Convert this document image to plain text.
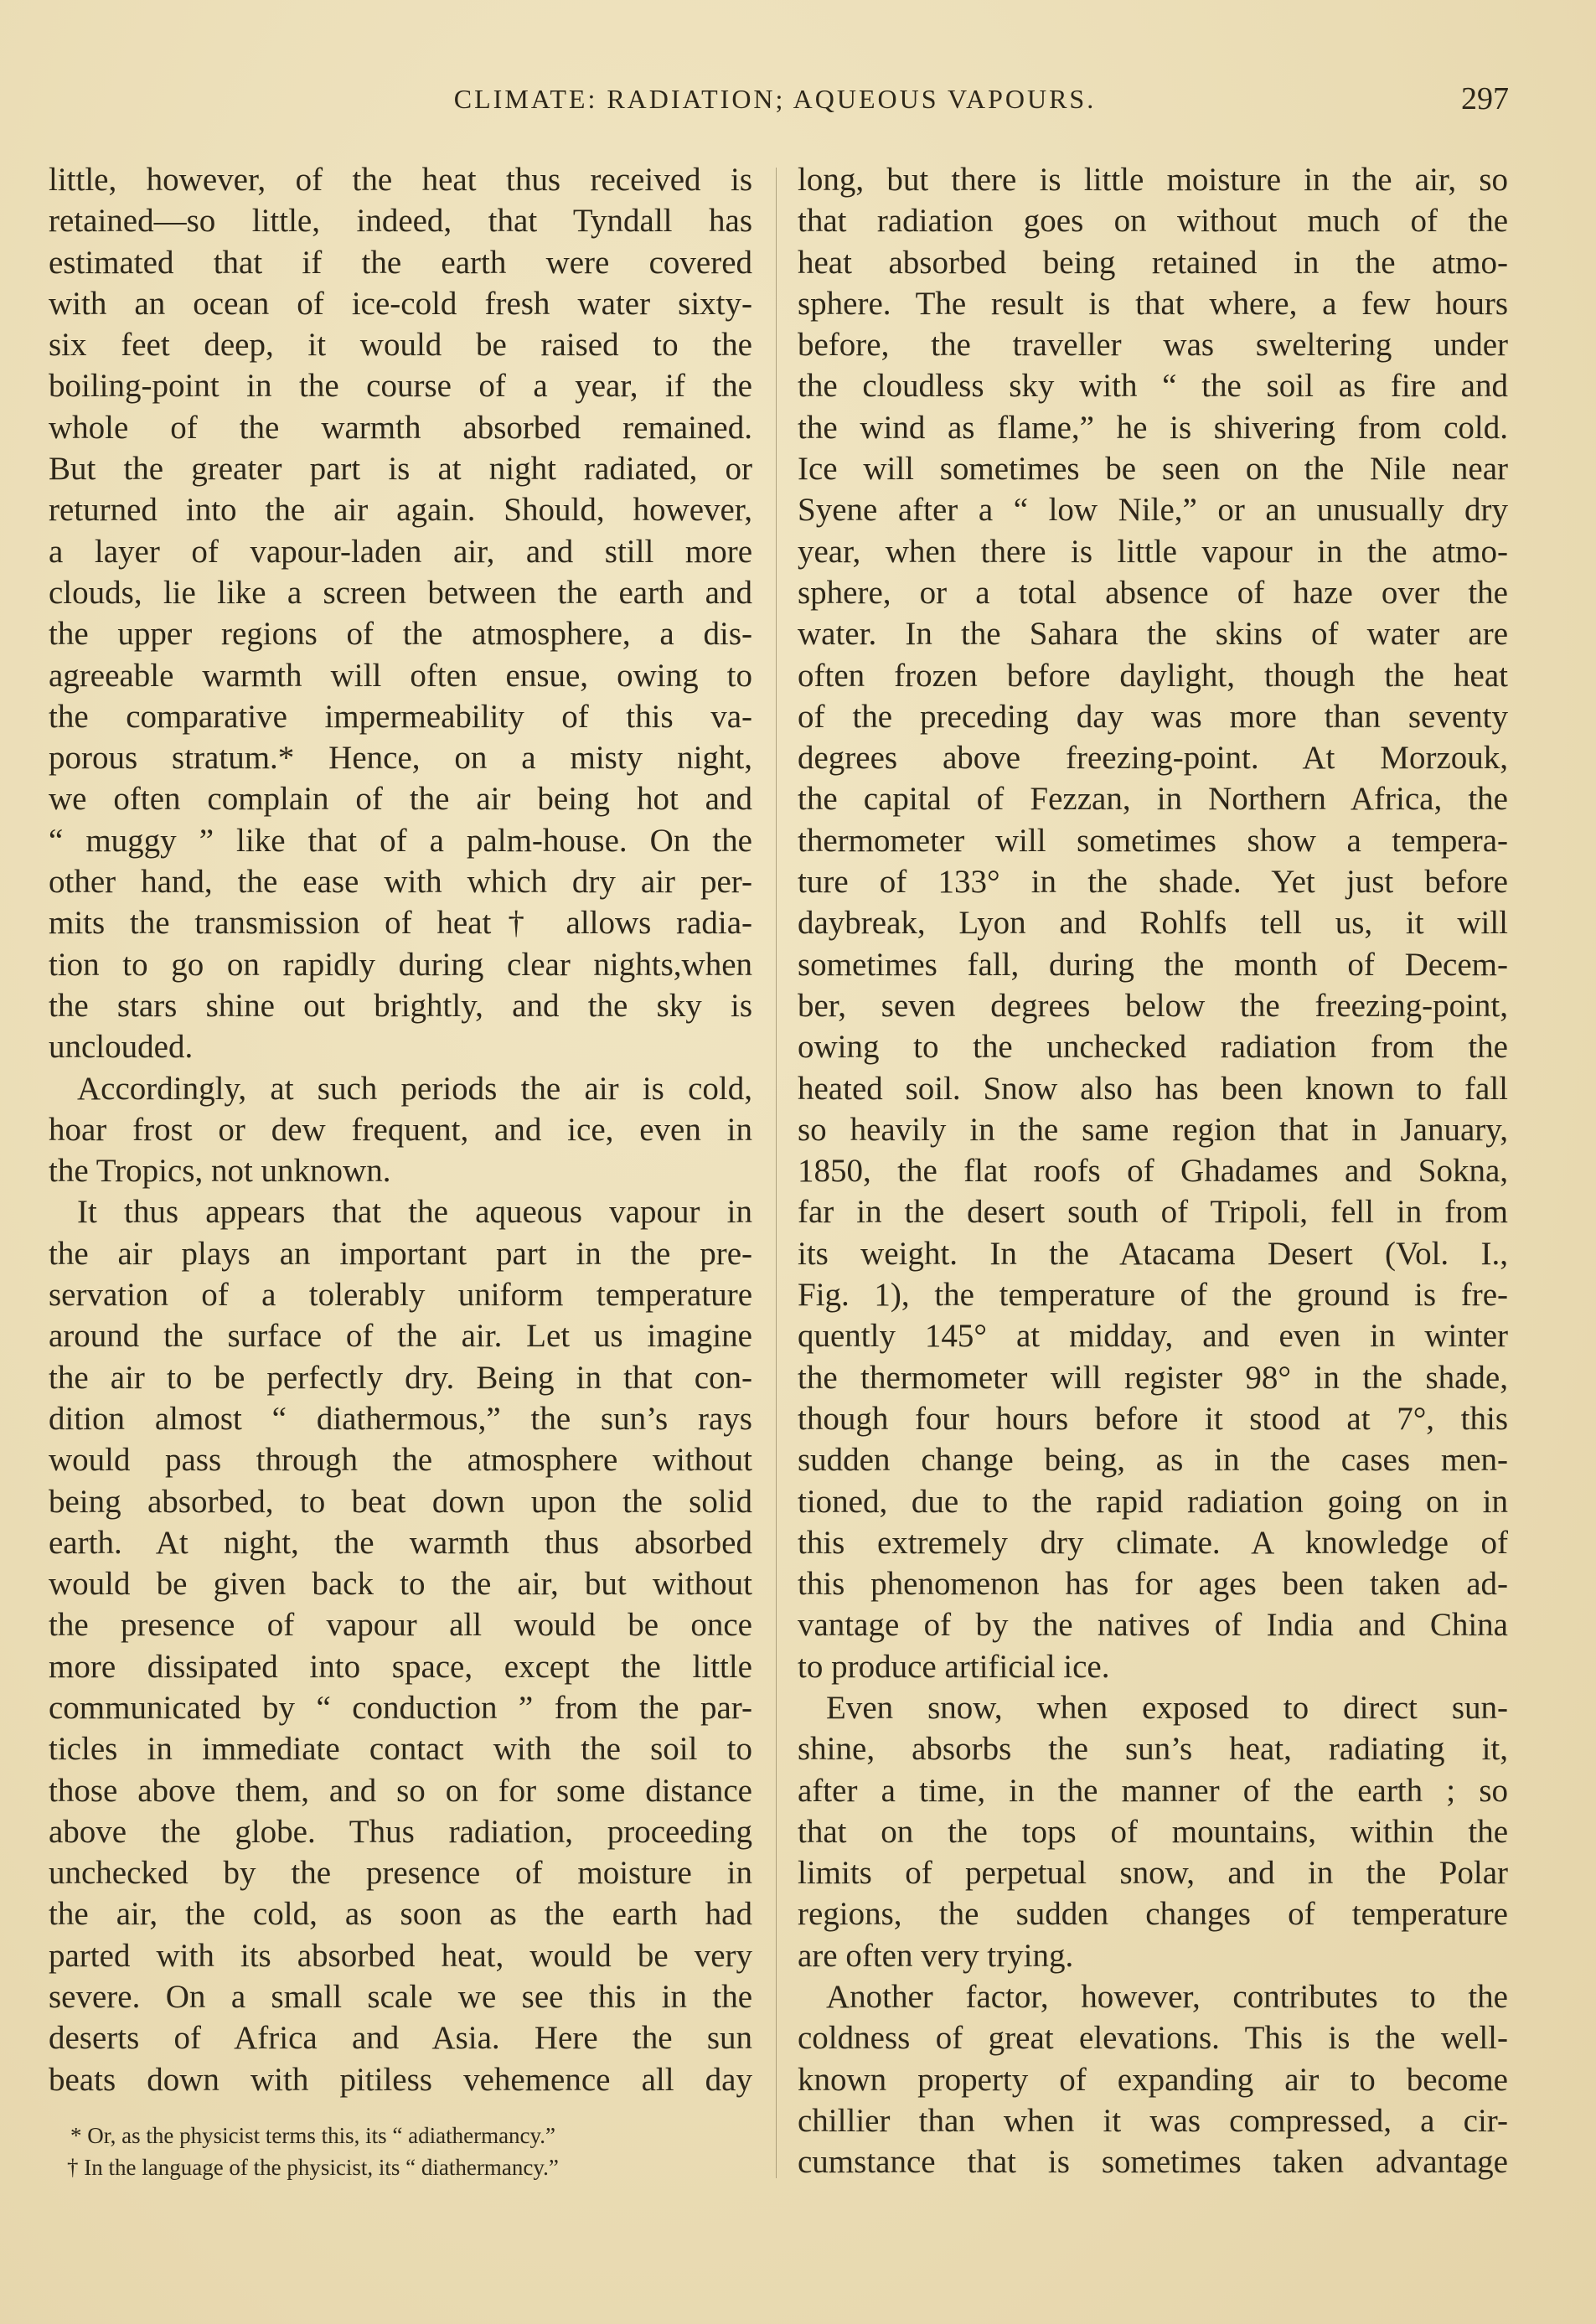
CLIMATE: RADIATION; AQUEOUS VAPOURS.	297
little, however, of the heat thus received is
retained—so little, indeed, that Tyndall has
estimated that if the earth were covered
with an ocean of ice-cold fresh water sixty-
six feet deep, it would be raised to the
boiling-point in the course of a year, if the
whole of the warmth absorbed remained.
But the greater part is at night radiated, or
returned into the air again. Should, however,
a layer of vapour-laden air, and still more
clouds, lie like a screen between the earth and
the upper regions of the atmosphere, a dis-
agreeable warmth will often ensue, owing to
the comparative impermeability of this va-
porous stratum.* Hence, on a misty night,
we often complain of the air being hot and
“ muggy ” like that of a palm-house. On the
other hand, the ease with which dry air per-
mits the transmission of heat† allows radia-
tion to go on rapidly during clear nights,when
the stars shine out brightly, and the sky is
unclouded.
Accordingly, at such periods the air is cold,
hoar frost or dew frequent, and ice, even in
the Tropics, not unknown.
It thus appears that the aqueous vapour in
the air plays an important part in the pre-
servation of a tolerably uniform temperature
around the surface of the air. Let us imagine
the air to be perfectly dry. Being in that con-
dition almost “ diathermous,” the sun’s rays
would pass through the atmosphere without
being absorbed, to beat down upon the solid
earth. At night, the warmth thus absorbed
would be given back to the air, but without
the presence of vapour all would be once
more dissipated into space, except the little
communicated by “ conduction ” from the par-
ticles in immediate contact with the soil to
those above them, and so on for some distance
above the globe. Thus radiation, proceeding
unchecked by the presence of moisture in
the air, the cold, as soon as the earth had
parted with its absorbed heat, would be very
severe. On a small scale we see this in the
deserts of Africa and Asia. Here the sun
beats down with pitiless vehemence all day
long, but there is little moisture in the air, so
that radiation goes on without much of the
heat absorbed being retained in the atmo-
sphere. The result is that where, a few hours
before, the traveller was sweltering under
the cloudless sky with “ the soil as fire and
the wind as flame,” he is shivering from cold.
Ice will sometimes be seen on the Nile near
Syene after a “ low Nile,” or an unusually dry
year, when there is little vapour in the atmo-
sphere, or a total absence of haze over the
water. In the Sahara the skins of water are
often frozen before daylight, though the heat
of the preceding day was more than seventy
degrees above freezing-point. At Morzouk,
the capital of Fezzan, in Northern Africa, the
thermometer will sometimes show a tempera-
ture of 133° in the shade. Yet just before
daybreak, Lyon and Rohlfs tell us, it will
sometimes fall, during the month of Decem-
ber, seven degrees below the freezing-point,
owing to the unchecked radiation from the
heated soil. Snow also has been known to fall
so heavily in the same region that in January,
1850, the flat roofs of Ghadames and Sokna,
far in the desert south of Tripoli, fell in from
its weight. In the Atacama Desert (Vol. I.,
Fig. 1), the temperature of the ground is fre-
quently 145° at midday, and even in winter
the thermometer will register 98° in the shade,
though four hours before it stood at 7°, this
sudden change being, as in the cases men-
tioned, due to the rapid radiation going on in
this extremely dry climate. A knowledge of
this phenomenon has for ages been taken ad-
vantage of by the natives of India and China
to produce artificial ice.
Even snow, when exposed to direct sun-
shine, absorbs the sun’s heat, radiating it,
after a time, in the manner of the earth ; so
that on the tops of mountains, within the
limits of perpetual snow, and in the Polar
regions, the sudden changes of temperature
are often very trying.
Another factor, however, contributes to the
coldness of great elevations. This is the well-
known property of expanding air to become
chillier than when it was compressed, a cir-
cumstance that is sometimes taken advantage
* Or, as the physicist terms this, its “ adiathermancy.”
† In the language of the physicist, its “ diathermancy.”
